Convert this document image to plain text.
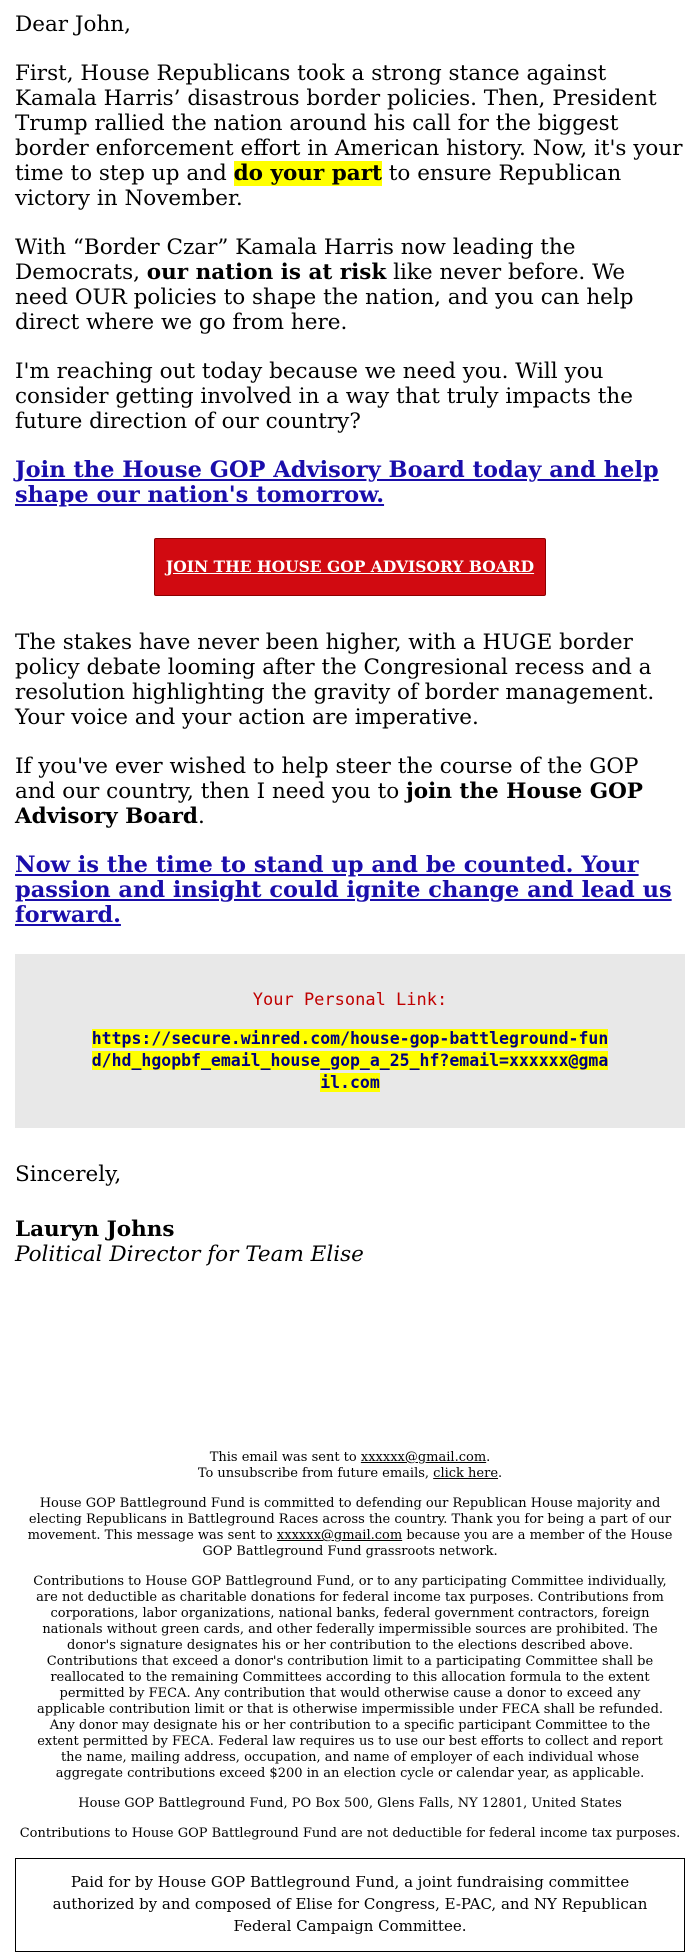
Dear John,

First, House Republicans took a strong stance against Kamala Harris’ disastrous border policies. Then, President Trump rallied the nation around his call for the biggest border enforcement effort in American history. Now, it's your time to step up and do your part to ensure Republican victory in November.

With “Border Czar” Kamala Harris now leading the Democrats, our nation is at risk like never before. We need OUR policies to shape the nation, and you can help direct where we go from here.

I'm reaching out today because we need you. Will you consider getting involved in a way that truly impacts the future direction of our country?

Join the House GOP Advisory Board today and help shape our nation's tomorrow.
JOIN THE HOUSE GOP ADVISORY BOARD

The stakes have never been higher, with a HUGE border policy debate looming after the Congresional recess and a resolution highlighting the gravity of border management. Your voice and your action are imperative.

If you've ever wished to help steer the course of the GOP and our country, then I need you to join the House GOP Advisory Board.

Now is the time to stand up and be counted. Your passion and insight could ignite change and lead us forward.
Your Personal Link:
https://secure.winred.com/house-gop-battleground-fund/hd_hgopbf_email_house_gop_a_25_hf?email=xxxxxx@gmail.com

Sincerely,

Lauryn Johns

Political Director for Team Elise

This email was sent to xxxxxx@gmail.com.

To unsubscribe from future emails, click here.

House GOP Battleground Fund is committed to defending our Republican House majority and electing Republicans in Battleground Races across the country. Thank you for being a part of our movement. This message was sent to xxxxxx@gmail.com because you are a member of the House GOP Battleground Fund grassroots network.

Contributions to House GOP Battleground Fund, or to any participating Committee individually, are not deductible as charitable donations for federal income tax purposes. Contributions from corporations, labor organizations, national banks, federal government contractors, foreign nationals without green cards, and other federally impermissible sources are prohibited. The donor's signature designates his or her contribution to the elections described above. Contributions that exceed a donor's contribution limit to a participating Committee shall be reallocated to the remaining Committees according to this allocation formula to the extent permitted by FECA. Any contribution that would otherwise cause a donor to exceed any applicable contribution limit or that is otherwise impermissible under FECA shall be refunded. Any donor may designate his or her contribution to a specific participant Committee to the extent permitted by FECA. Federal law requires us to use our best efforts to collect and report the name, mailing address, occupation, and name of employer of each individual whose aggregate contributions exceed $200 in an election cycle or calendar year, as applicable.

House GOP Battleground Fund, PO Box 500, Glens Falls, NY 12801, United States

Contributions to House GOP Battleground Fund are not deductible for federal income tax purposes.

Paid for by House GOP Battleground Fund, a joint fundraising committee authorized by and composed of Elise for Congress, E-PAC, and NY Republican Federal Campaign Committee.
